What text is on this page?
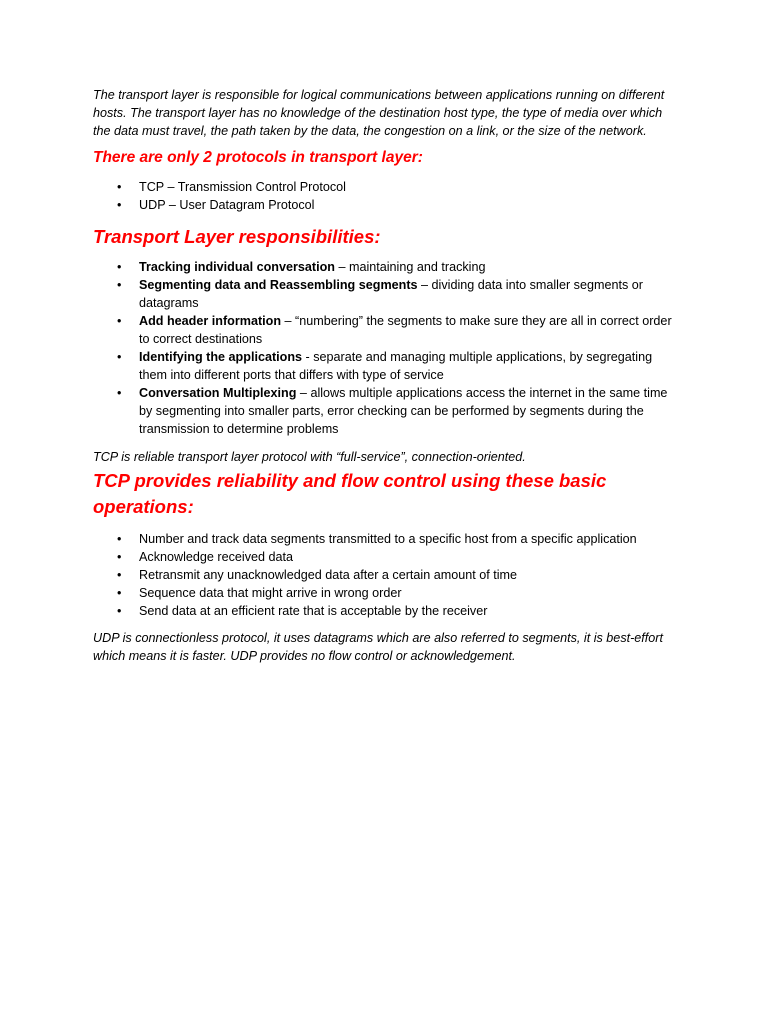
The transport layer is responsible for logical communications between applications running on different hosts. The transport layer has no knowledge of the destination host type, the type of media over which the data must travel, the path taken by the data, the congestion on a link, or the size of the network.

There are only 2 protocols in transport layer:
• TCP – Transmission Control Protocol
• UDP – User Datagram Protocol
Transport Layer responsibilities:
• Tracking individual conversation – maintaining and tracking
• Segmenting data and Reassembling segments – dividing data into smaller segments or datagrams
• Add header information – “numbering” the segments to make sure they are all in correct order to correct destinations
• Identifying the applications - separate and managing multiple applications, by segregating them into different ports that differs with type of service
• Conversation Multiplexing – allows multiple applications access the internet in the same time by segmenting into smaller parts, error checking can be performed by segments during the transmission to determine problems

TCP is reliable transport layer protocol with “full-service”, connection-oriented.

TCP provides reliability and flow control using these basic operations:
• Number and track data segments transmitted to a specific host from a specific application
• Acknowledge received data
• Retransmit any unacknowledged data after a certain amount of time
• Sequence data that might arrive in wrong order
• Send data at an efficient rate that is acceptable by the receiver

UDP is connectionless protocol, it uses datagrams which are also referred to segments, it is best-effort which means it is faster. UDP provides no flow control or acknowledgement.
